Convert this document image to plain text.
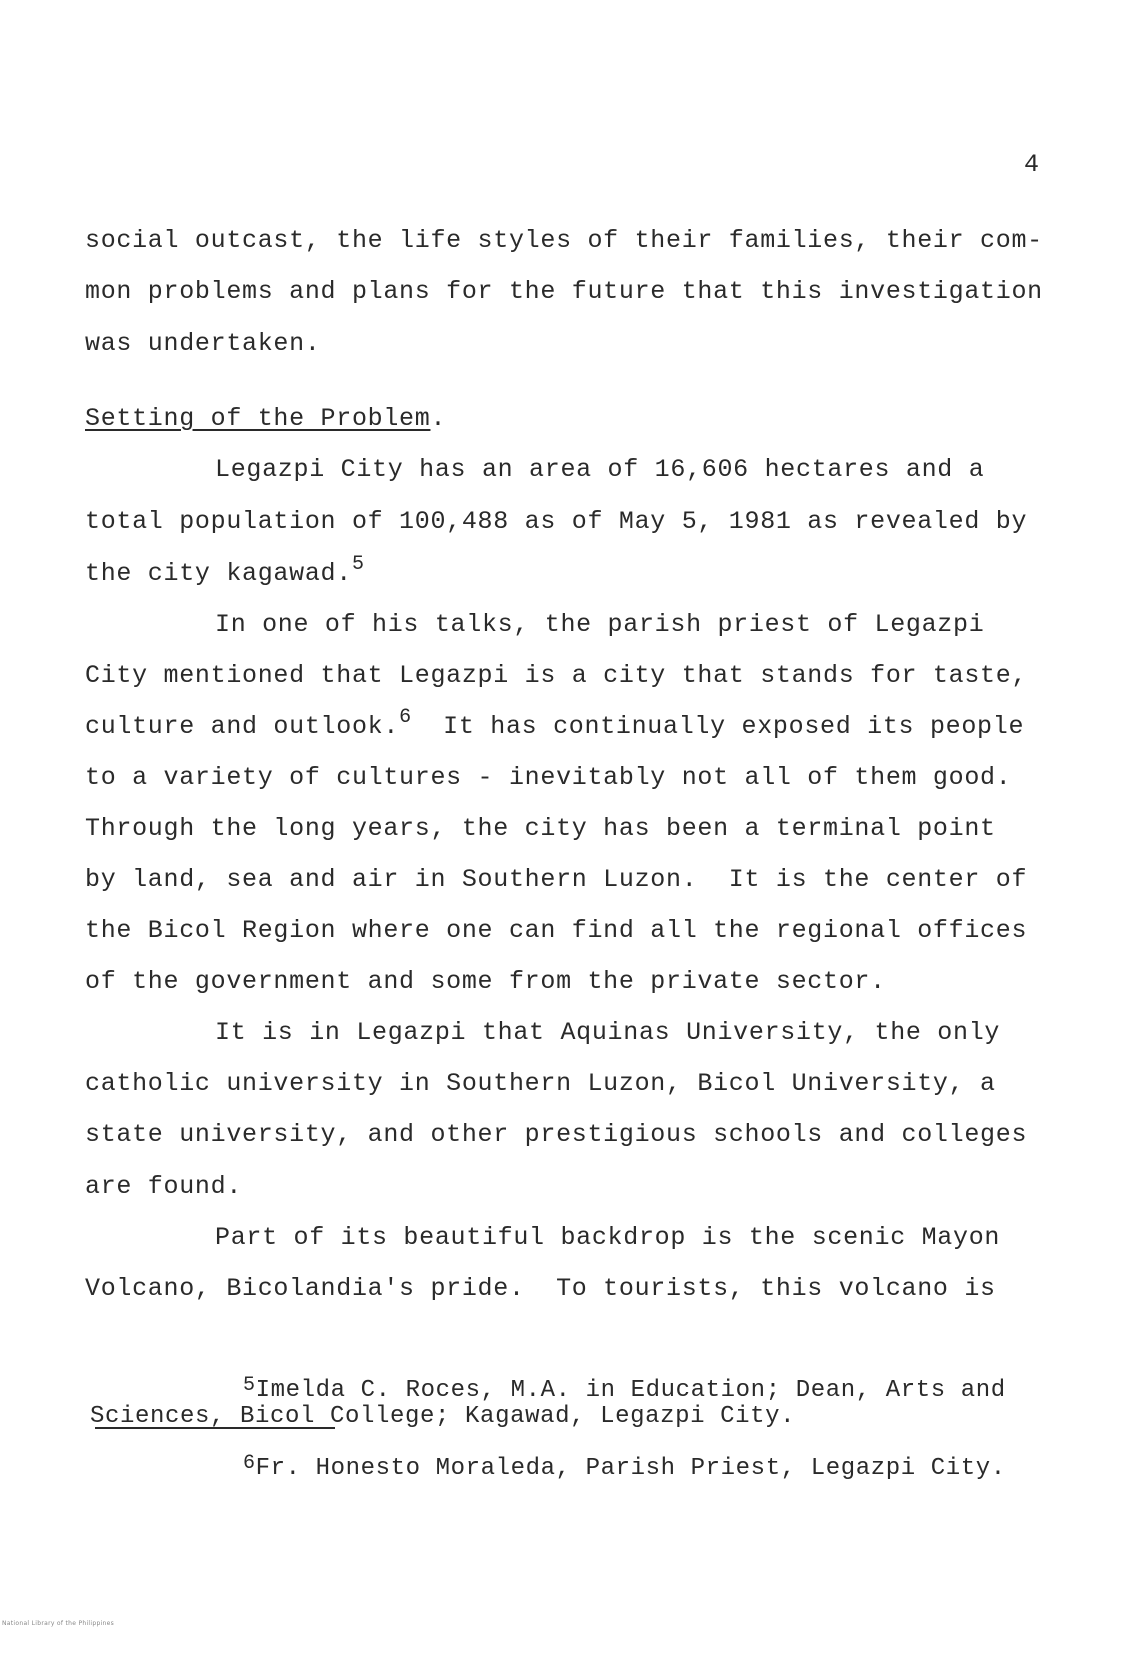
4
social outcast, the life styles of their families, their com-
mon problems and plans for the future that this investigation
was undertaken.
Setting of the Problem.
Legazpi City has an area of 16,606 hectares and a
total population of 100,488 as of May 5, 1981 as revealed by
the city kagawad.$^5$
In one of his talks, the parish priest of Legazpi
City mentioned that Legazpi is a city that stands for taste,
culture and outlook.$^6$  It has continually exposed its people
to a variety of cultures - inevitably not all of them good.
Through the long years, the city has been a terminal point
by land, sea and air in Southern Luzon.  It is the center of
the Bicol Region where one can find all the regional offices
of the government and some from the private sector.
It is in Legazpi that Aquinas University, the only
catholic university in Southern Luzon, Bicol University, a
state university, and other prestigious schools and colleges
are found.
Part of its beautiful backdrop is the scenic Mayon
Volcano, Bicolandia's pride.  To tourists, this volcano is
$^5$Imelda C. Roces, M.A. in Education; Dean, Arts and
Sciences, Bicol College; Kagawad, Legazpi City.
$^6$Fr. Honesto Moraleda, Parish Priest, Legazpi City.
National Library of the Philippines
